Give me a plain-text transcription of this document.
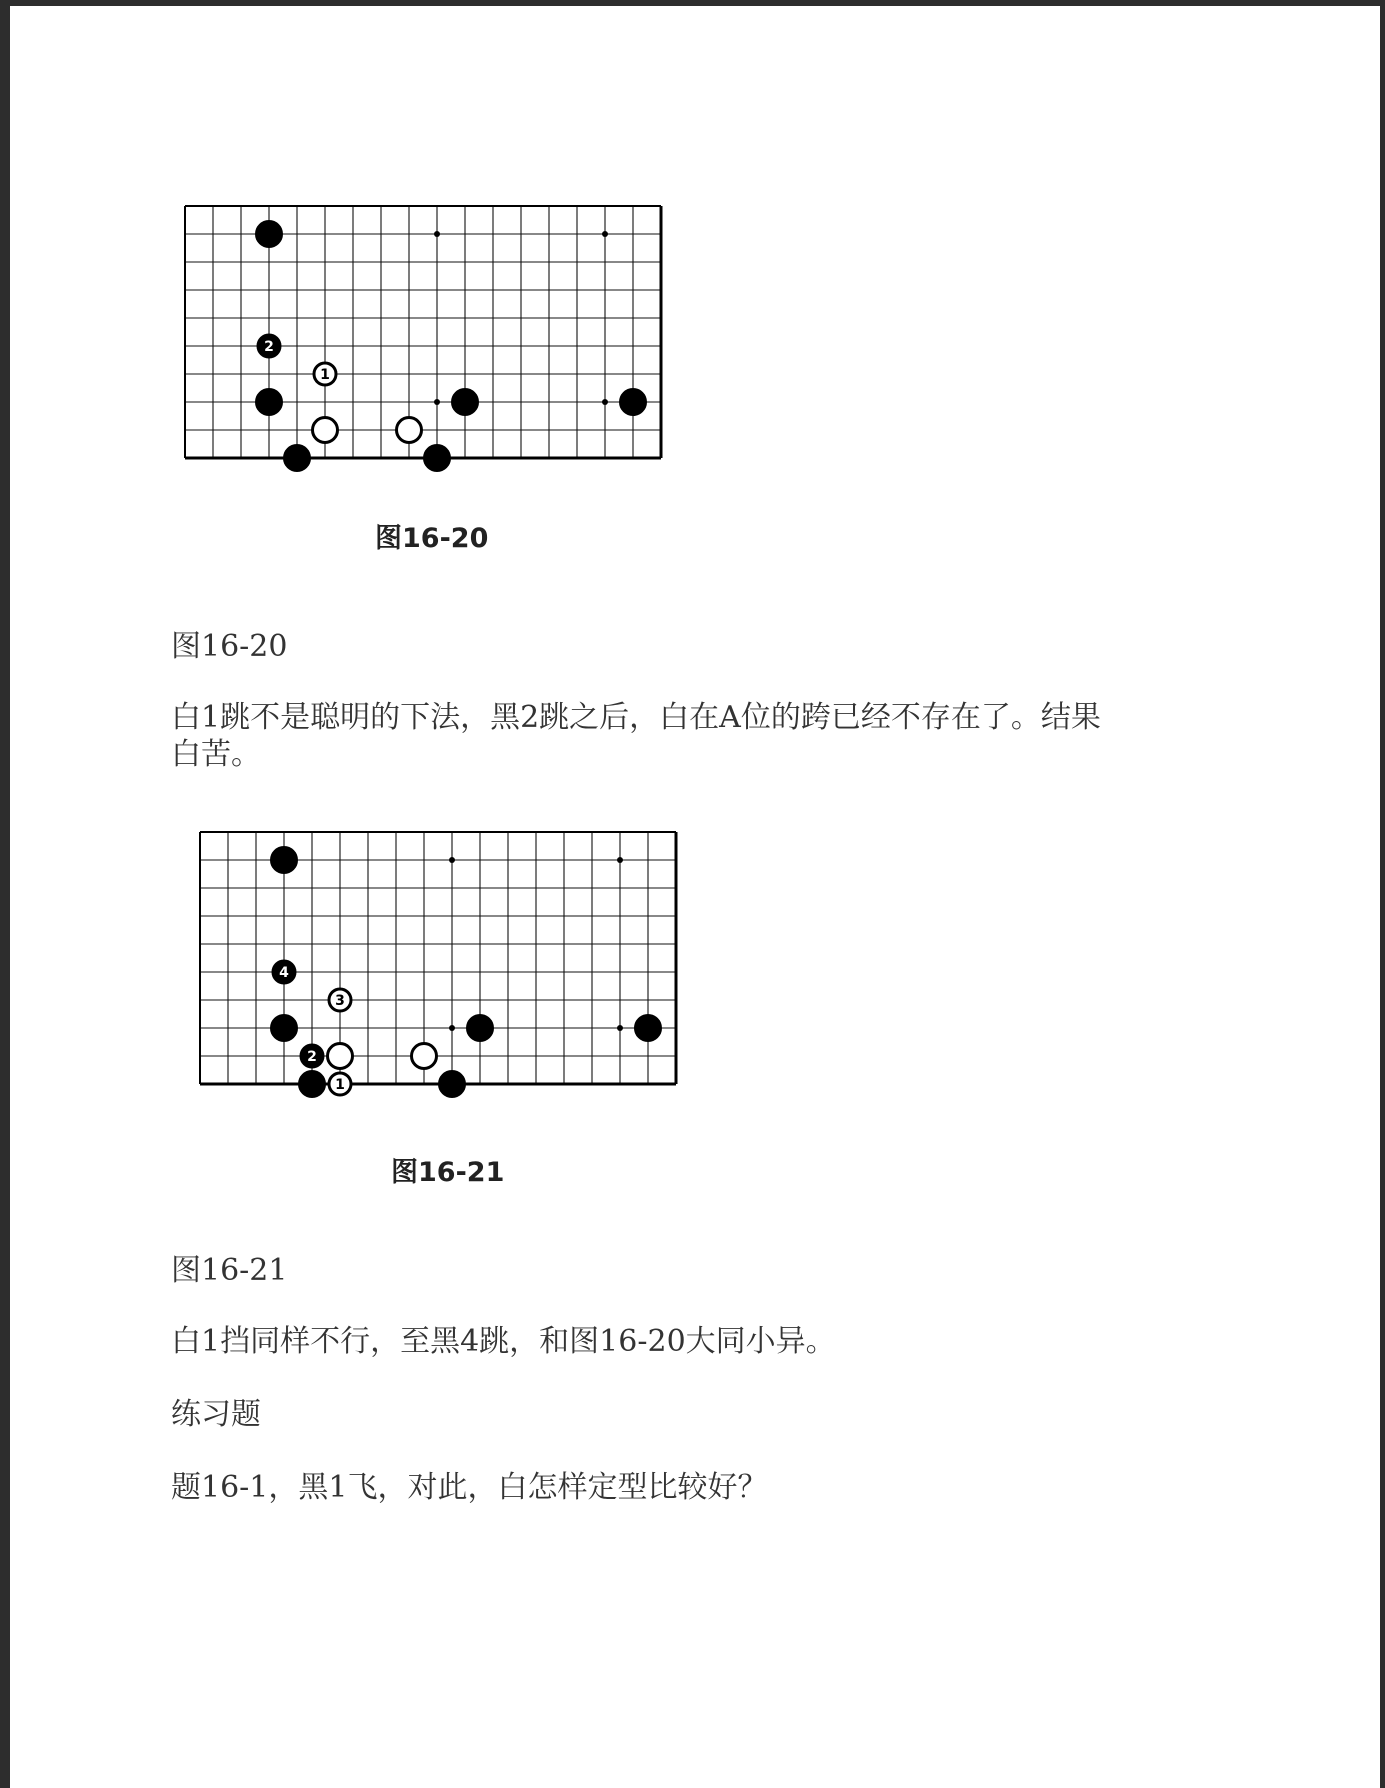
2
1
图16-20
图16-20
白1跳不是聪明的下法，黑2跳之后，白在A位的跨已经不存在了。结果
白苦。
4
3
2
1
图16-21
图16-21
白1挡同样不行，至黑4跳，和图16-20大同小异。
练习题
题16-1，黑1飞，对此，白怎样定型比较好？
